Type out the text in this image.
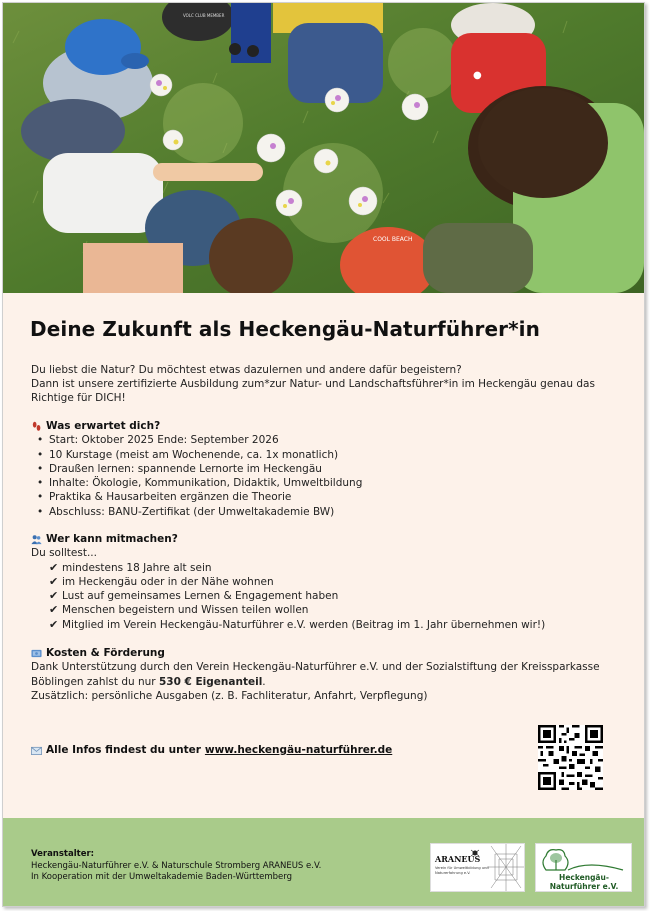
VOLC CLUB MEMBER
●
COOL BEACH
Deine Zukunft als Heckengäu-Naturführer*in

Du liebst die Natur? Du möchtest etwas dazulernen und andere dafür begeistern?

Dann ist unsere zertifizierte Ausbildung zum*zur Natur- und Landschaftsführer*in im Heckengäu genau das Richtige für DICH!

Was erwartet dich?
• Start: Oktober 2025 Ende: September 2026
• 10 Kurstage (meist am Wochenende, ca. 1x monatlich)
• Draußen lernen: spannende Lernorte im Heckengäu
• Inhalte: Ökologie, Kommunikation, Didaktik, Umweltbildung
• Praktika & Hausarbeiten ergänzen die Theorie
• Abschluss: BANU-Zertifikat (der Umweltakademie BW)
Wer kann mitmachen?
Du solltest...
✔ mindestens 18 Jahre alt sein
✔ im Heckengäu oder in der Nähe wohnen
✔ Lust auf gemeinsames Lernen & Engagement haben
✔ Menschen begeistern und Wissen teilen wollen
✔ Mitglied im Verein Heckengäu-Naturführer e.V. werden (Beitrag im 1. Jahr übernehmen wir!)
Kosten & Förderung
Dank Unterstützung durch den Verein Heckengäu-Naturführer e.V. und der Sozialstiftung der Kreissparkasse Böblingen zahlst du nur 530 € Eigenanteil.
Zusätzlich: persönliche Ausgaben (z. B. Fachliteratur, Anfahrt, Verpflegung)
Alle Infos findest du unter www.heckengäu-naturführer.de
Veranstalter:
Heckengäu-Naturführer e.V. & Naturschule Stromberg ARANEUS e.V.
In Kooperation mit der Umweltakademie Baden-Württemberg
ARANEUS
Verein für Umweltbildung und Naturerfahrung e.V.	Heckengäu-
Naturführer e.V.
